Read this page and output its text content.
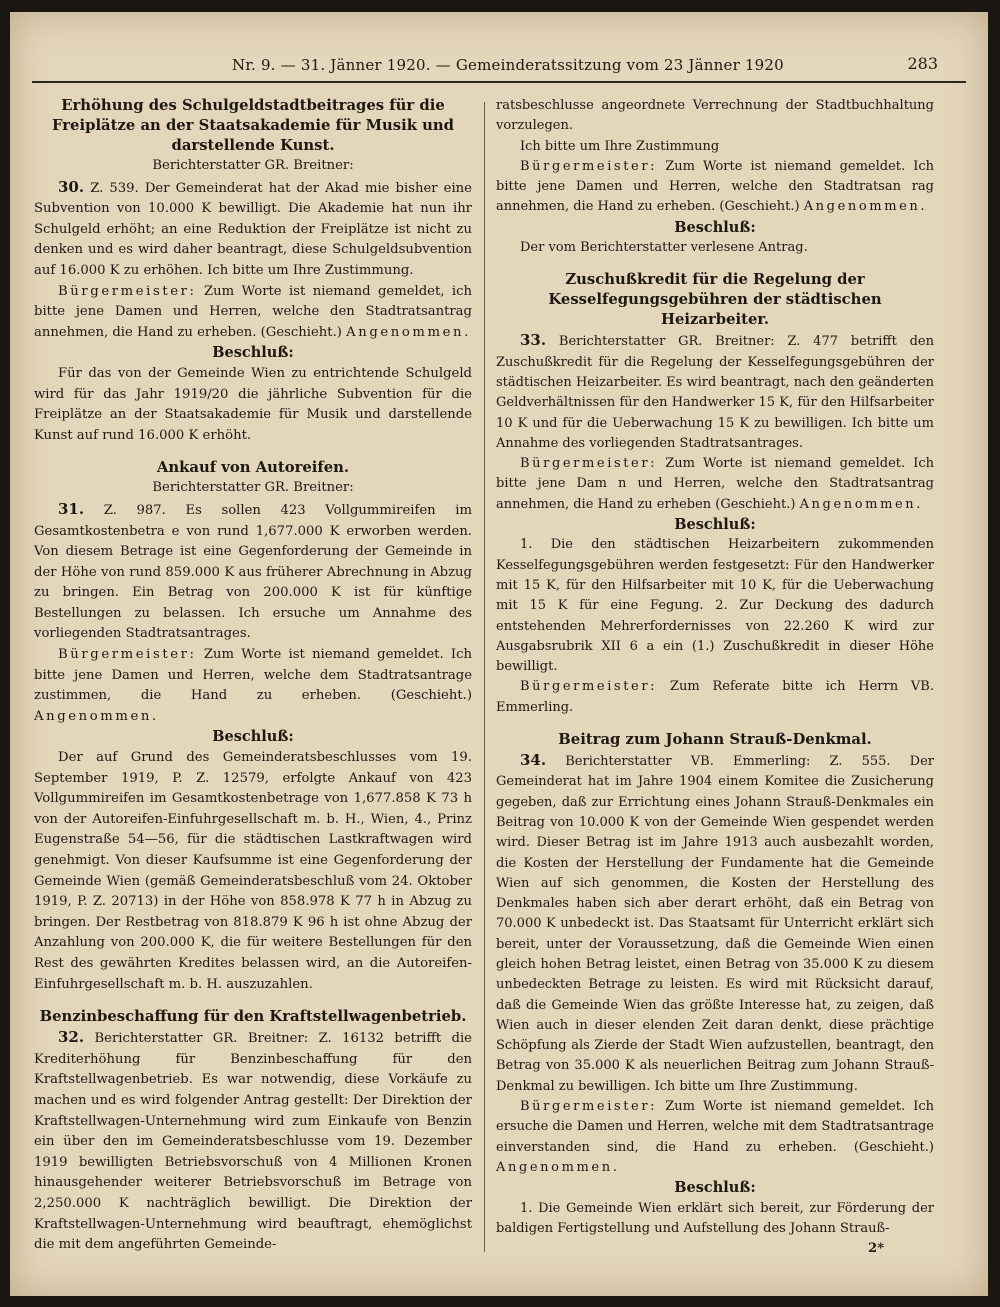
Nr. 9. — 31. Jänner 1920. — Gemeinderatssitzung vom 23 Jänner 1920	283

Erhöhung des Schulgeldstadtbeitrages für die Freiplätze an der Staatsakademie für Musik und darstellende Kunst.

Berichterstatter GR. Breitner:

30. Z. 539. Der Gemeinderat hat der Akad mie bisher eine Subvention von 10.000 K bewilligt. Die Akademie hat nun ihr Schulgeld erhöht; an eine Reduktion der Freiplätze ist nicht zu denken und es wird daher beantragt, diese Schulgeldsubvention auf 16.000 K zu erhöhen. Ich bitte um Ihre Zustimmung.

Bürgermeister: Zum Worte ist niemand gemeldet, ich bitte jene Damen und Herren, welche den Stadtratsantrag annehmen, die Hand zu erheben. (Geschieht.) Angenommen.

Beschluß:

Für das von der Gemeinde Wien zu entrichtende Schulgeld wird für das Jahr 1919/20 die jährliche Subvention für die Freiplätze an der Staatsakademie für Musik und darstellende Kunst auf rund 16.000 K erhöht.

Ankauf von Autoreifen.

Berichterstatter GR. Breitner:

31. Z. 987. Es sollen 423 Vollgummireifen im Gesamtkostenbetra e von rund 1,677.000 K erworben werden. Von diesem Betrage ist eine Gegenforderung der Gemeinde in der Höhe von rund 859.000 K aus früherer Abrechnung in Abzug zu bringen. Ein Betrag von 200.000 K ist für künftige Bestellungen zu belassen. Ich ersuche um Annahme des vorliegenden Stadtratsantrages.

Bürgermeister: Zum Worte ist niemand gemeldet. Ich bitte jene Damen und Herren, welche dem Stadtratsantrage zustimmen, die Hand zu erheben. (Geschieht.) Angenommen.

Beschluß:

Der auf Grund des Gemeinderatsbeschlusses vom 19. September 1919, P. Z. 12579, erfolgte Ankauf von 423 Vollgummireifen im Gesamtkostenbetrage von 1,677.858 K 73 h von der Autoreifen-Einfuhrgesellschaft m. b. H., Wien, 4., Prinz Eugenstraße 54—56, für die städtischen Lastkraftwagen wird genehmigt. Von dieser Kaufsumme ist eine Gegenforderung der Gemeinde Wien (gemäß Gemeinderatsbeschluß vom 24. Oktober 1919, P. Z. 20713) in der Höhe von 858.978 K 77 h in Abzug zu bringen. Der Restbetrag von 818.879 K 96 h ist ohne Abzug der Anzahlung von 200.000 K, die für weitere Bestellungen für den Rest des gewährten Kredites belassen wird, an die Autoreifen-Einfuhrgesellschaft m. b. H. auszuzahlen.

Benzinbeschaffung für den Kraftstellwagenbetrieb.

32. Berichterstatter GR. Breitner: Z. 16132 betrifft die Krediterhöhung für Benzinbeschaffung für den Kraftstellwagenbetrieb. Es war notwendig, diese Vorkäufe zu machen und es wird folgender Antrag gestellt: Der Direktion der Kraftstellwagen-Unternehmung wird zum Einkaufe von Benzin ein über den im Gemeinderatsbeschlusse vom 19. Dezember 1919 bewilligten Betriebsvorschuß von 4 Millionen Kronen hinausgehender weiterer Betriebsvorschuß im Betrage von 2,250.000 K nachträglich bewilligt. Die Direktion der Kraftstellwagen-Unternehmung wird beauftragt, ehemöglichst die mit dem angeführten Gemeinde-

ratsbeschlusse angeordnete Verrechnung der Stadtbuchhaltung vorzulegen.

Ich bitte um Ihre Zustimmung

Bürgermeister: Zum Worte ist niemand gemeldet. Ich bitte jene Damen und Herren, welche den Stadtratsan rag annehmen, die Hand zu erheben. (Geschieht.) Angenommen.

Beschluß:

Der vom Berichterstatter verlesene Antrag.

Zuschußkredit für die Regelung der Kesselfegungsgebühren der städtischen Heizarbeiter.

33. Berichterstatter GR. Breitner: Z. 477 betrifft den Zuschußkredit für die Regelung der Kesselfegungsgebühren der städtischen Heizarbeiter. Es wird beantragt, nach den geänderten Geldverhältnissen für den Handwerker 15 K, für den Hilfsarbeiter 10 K und für die Ueberwachung 15 K zu bewilligen. Ich bitte um Annahme des vorliegenden Stadtratsantrages.

Bürgermeister: Zum Worte ist niemand gemeldet. Ich bitte jene Dam n und Herren, welche den Stadtratsantrag annehmen, die Hand zu erheben (Geschieht.) Angenommen.

Beschluß:

1. Die den städtischen Heizarbeitern zukommenden Kesselfegungsgebühren werden festgesetzt: Für den Handwerker mit 15 K, für den Hilfsarbeiter mit 10 K, für die Ueberwachung mit 15 K für eine Fegung. 2. Zur Deckung des dadurch entstehenden Mehrerfordernisses von 22.260 K wird zur Ausgabsrubrik XII 6 a ein (1.) Zuschußkredit in dieser Höhe bewilligt.

Bürgermeister: Zum Referate bitte ich Herrn VB. Emmerling.

Beitrag zum Johann Strauß-Denkmal.

34. Berichterstatter VB. Emmerling: Z. 555. Der Gemeinderat hat im Jahre 1904 einem Komitee die Zusicherung gegeben, daß zur Errichtung eines Johann Strauß-Denkmales ein Beitrag von 10.000 K von der Gemeinde Wien gespendet werden wird. Dieser Betrag ist im Jahre 1913 auch ausbezahlt worden, die Kosten der Herstellung der Fundamente hat die Gemeinde Wien auf sich genommen, die Kosten der Herstellung des Denkmales haben sich aber derart erhöht, daß ein Betrag von 70.000 K unbedeckt ist. Das Staatsamt für Unterricht erklärt sich bereit, unter der Voraussetzung, daß die Gemeinde Wien einen gleich hohen Betrag leistet, einen Betrag von 35.000 K zu diesem unbedeckten Betrage zu leisten. Es wird mit Rücksicht darauf, daß die Gemeinde Wien das größte Interesse hat, zu zeigen, daß Wien auch in dieser elenden Zeit daran denkt, diese prächtige Schöpfung als Zierde der Stadt Wien aufzustellen, beantragt, den Betrag von 35.000 K als neuerlichen Beitrag zum Johann Strauß-Denkmal zu bewilligen. Ich bitte um Ihre Zustimmung.

Bürgermeister: Zum Worte ist niemand gemeldet. Ich ersuche die Damen und Herren, welche mit dem Stadtratsantrage einverstanden sind, die Hand zu erheben. (Geschieht.) Angenommen.

Beschluß:

1. Die Gemeinde Wien erklärt sich bereit, zur Förderung der baldigen Fertigstellung und Aufstellung des Johann Strauß-

2*
